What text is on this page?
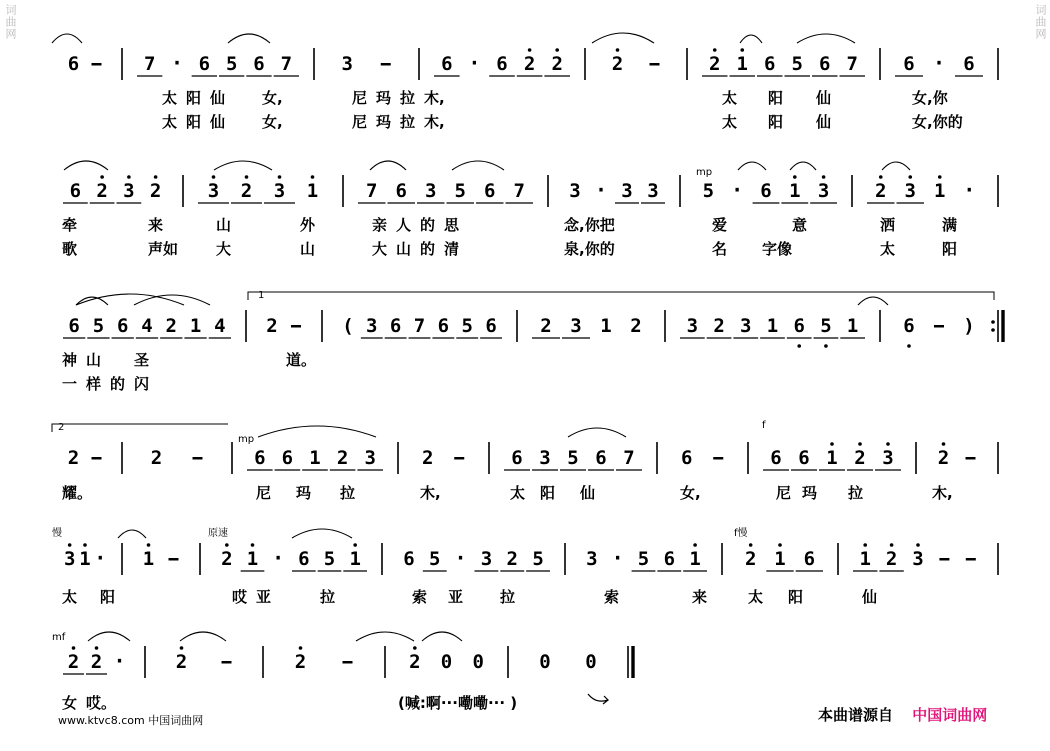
6	7 · 6 5 6 7	3	6 · 6 2 2	2	2 1 6 5 6 7 6 · 6
太 阳 仙 女,	尼 玛 拉 木,	太 阳 仙	女,你
太 阳 仙 女,	尼 玛 拉 木,	太 阳 仙	女,你的
6 2 3 2 3 2 3 1	7 6 3 5 6 7 3 · 3 3 5 · 6 1 3 2 3 1 ·
牵	来	山	外	亲 人 的 思	念,你把	爱	意	洒	满
歌	声如	大	山	大 山 的 清	泉,你的	名 字像	太	阳
6 5 6 4 2 1 4 2	( 3 6 7 6 5 6 2 3 1 2 3 2 3 1 6 5 1 6	)
神 山 圣	道。
一 样 的 闪
2	2	6 6 1 2 3 2	6 3 5 6 7 6	6 6 1 2 3 2
耀。	尼 玛 拉	木,	太 阳 仙	女,	尼 玛 拉	木,
3 1 · 1	2 1 · 6 5 1 6 5 · 3 2 5 3 · 5 6 1 2 1 6 1 2 3
太 阳	哎 亚	拉	索 亚 拉	索	来	太 阳	仙
2 2 ·	2	2	2 0 0	0 0
女 哎。	(喊:啊···嘞嘞··· )
mp
mp
f
慢	原速	f慢
mf
1
2
词曲网	词曲网
www.ktvc8.com 中国词曲网	本曲谱源自 中国词曲网
